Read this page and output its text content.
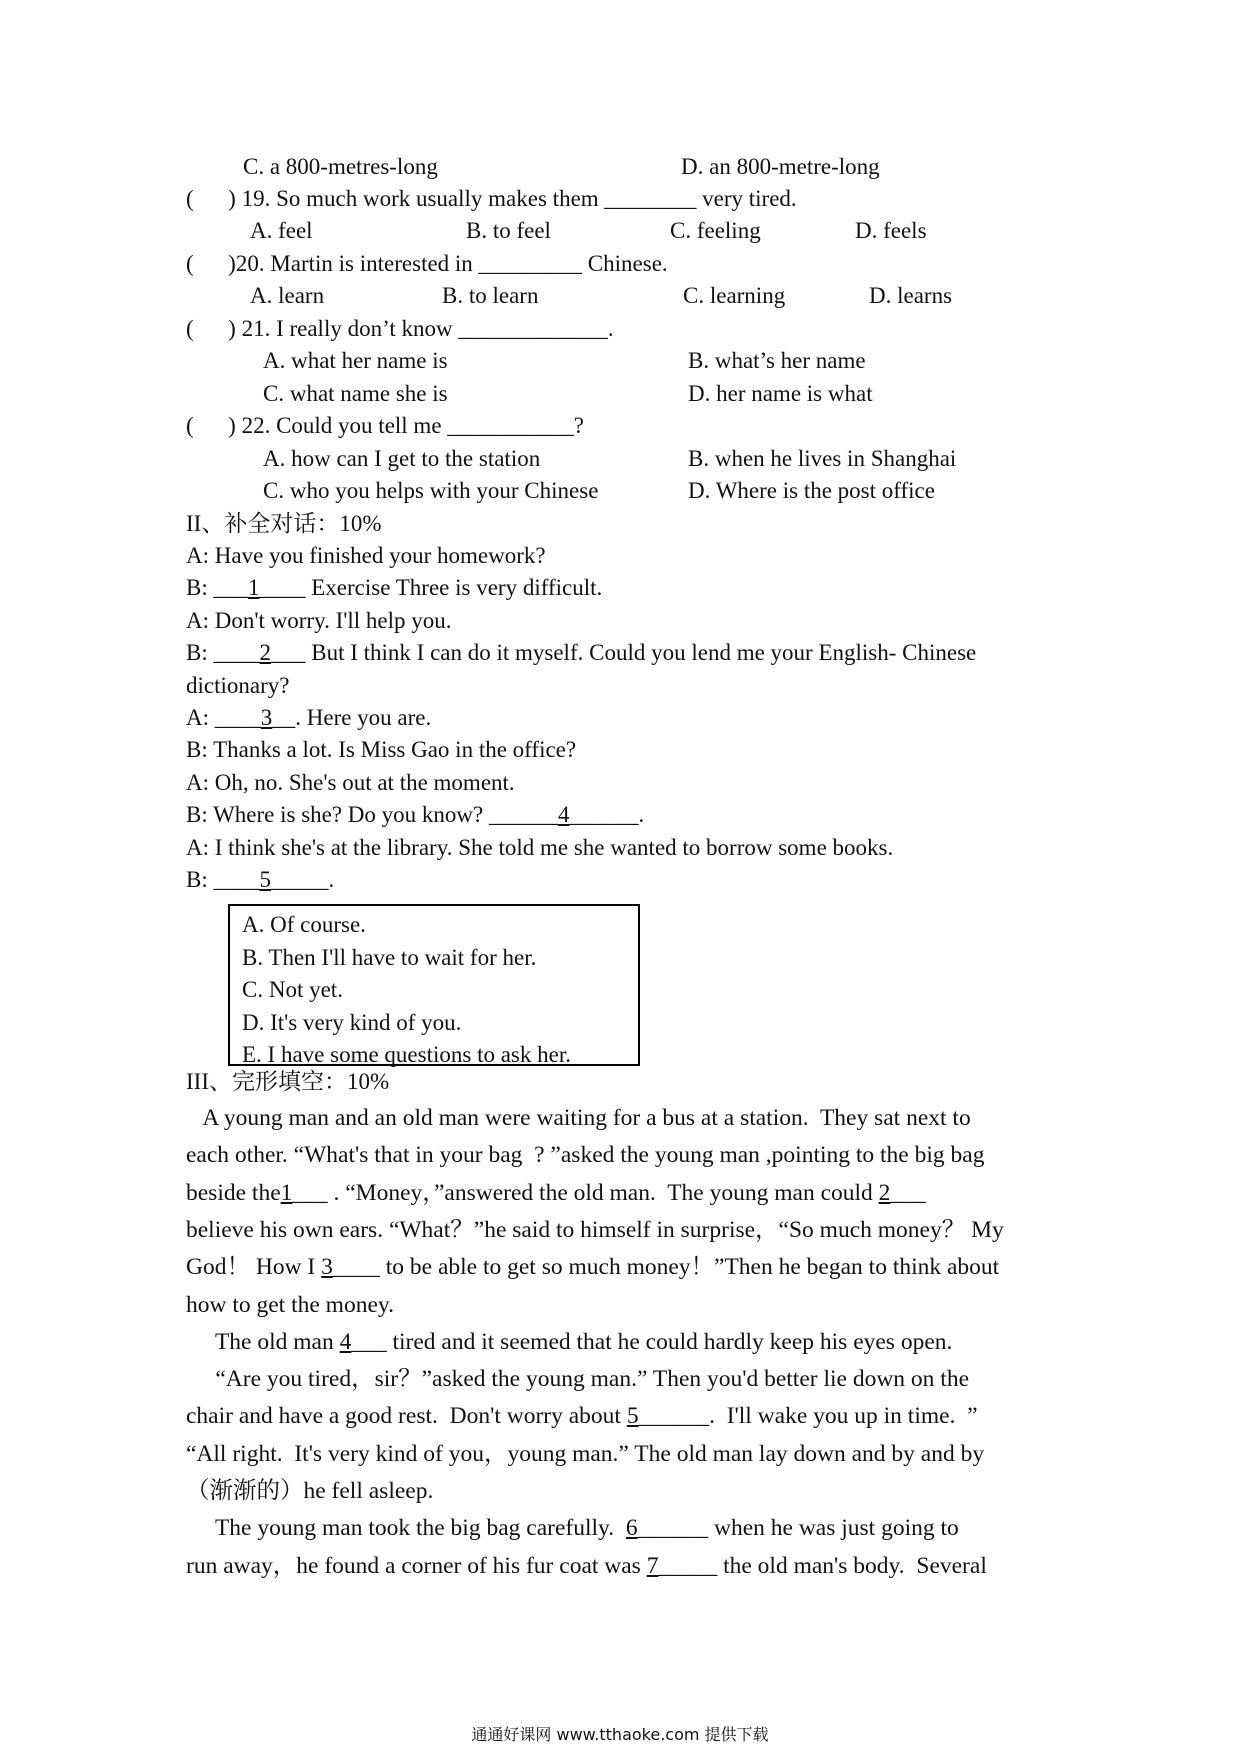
C. a 800-metres-long	D. an 800-metre-long
(      ) 19. So much work usually makes them ________ very tired.
A. feel	B. to feel	C. feeling	D. feels
(      )20. Martin is interested in _________ Chinese.
A. learn	B. to learn	C. learning	D. learns
(      ) 21. I really don’t know _____________.
A. what her name is	B. what’s her name
C. what name she is	D. her name is what
(      ) 22. Could you tell me ___________?
A. how can I get to the station	B. when he lives in Shanghai
C. who you helps with your Chinese	D. Where is the post office
II、补全对话：10%
A: Have you finished your homework?
B: ___1____ Exercise Three is very difficult.
A: Don't worry. I'll help you.
B: ____2___ But I think I can do it myself. Could you lend me your English- Chinese
dictionary?
A: ____3__. Here you are.
B: Thanks a lot. Is Miss Gao in the office?
A: Oh, no. She's out at the moment.
B: Where is she? Do you know? ______4______.
A: I think she's at the library. She told me she wanted to borrow some books.
B: ____5_____.
A. Of course.
B. Then I'll have to wait for her.
C. Not yet.
D. It's very kind of you.
E. I have some questions to ask her.
III、完形填空：10%
A young man and an old man were waiting for a bus at a station.  They sat next to
each other. “What's that in your bag  ? ”asked the young man ,pointing to the big bag
beside the1___ . “Money，”answered the old man.  The young man could 2___
believe his own ears. “What？”he said to himself in surprise，“So much money？ My
God！ How I 3____ to be able to get so much money！”Then he began to think about
how to get the money.
The old man 4___ tired and it seemed that he could hardly keep his eyes open.
“Are you tired，sir？”asked the young man.” Then you'd better lie down on the
chair and have a good rest.  Don't worry about 5______.  I'll wake you up in time.  ”
“All right.  It's very kind of you，young man.” The old man lay down and by and by
（渐渐的）he fell asleep.
The young man took the big bag carefully.  6______ when he was just going to
run away，he found a corner of his fur coat was 7_____ the old man's body.  Several
通通好课网 www.tthaoke.com 提供下载
